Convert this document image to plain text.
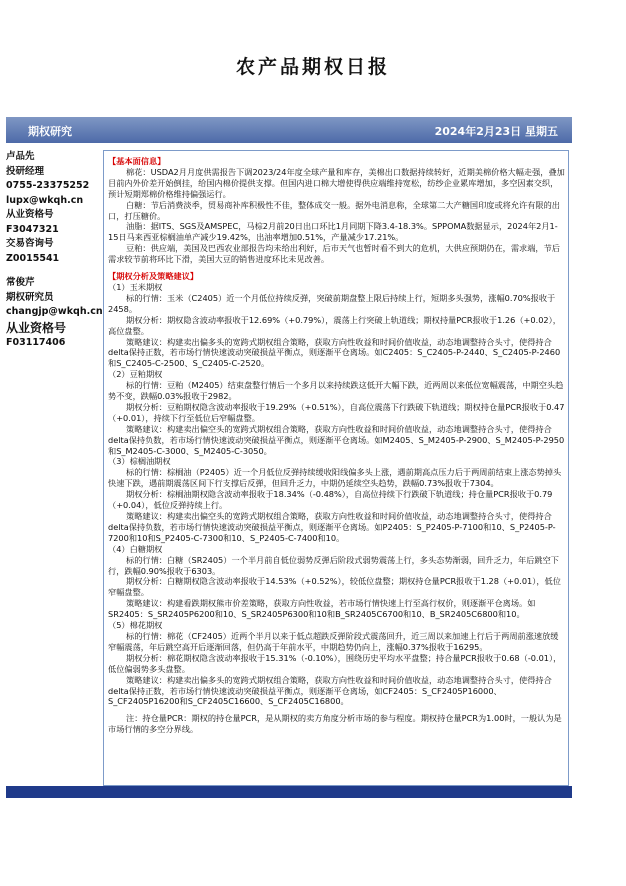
农产品期权日报
期权研究	2024年2月23日 星期五
卢品先
投研经理
0755-23375252
lupx@wkqh.cn
从业资格号
F3047321
交易咨询号
Z0015541
常俊芹
期权研究员
changjp@wkqh.cn
从业资格号
F03117406

【基本面信息】

棉花：USDA2月月度供需报告下调2023/24年度全球产量和库存，美棉出口数据持续转好，近期美棉价格大幅走强，叠加目前内外价差开始倒挂，给国内棉价提供支撑。但国内进口棉大增使得供应端维持宽松，纺纱企业累库增加，多空因素交织，预计短期郑棉价格维持偏强运行。

白糖：节后消费淡季，贸易商补库积极性不佳，整体成交一般。据外电消息称，全球第二大产糖国印度或将允许有限的出口，打压糖价。

油脂：据ITS、SGS及AMSPEC，马棕2月前20日出口环比1月同期下降3.4-18.3%。SPPOMA数据显示，2024年2月1-15日马来西亚棕榈油单产减少19.42%，出油率增加0.51%，产量减少17.21%。

豆粕：供应端，美国及巴西农业部报告均未给出利好，后市天气也暂时看不到大的危机，大供应预期仍在，需求端，节后需求较节前将环比下滑，美国大豆的销售进度环比未见改善。

【期权分析及策略建议】

（1）玉米期权

标的行情：玉米（C2405）近一个月低位持续反弹，突破前期盘整上限后持续上行，短期多头强势，涨幅0.70%报收于2458。

期权分析：期权隐含波动率报收于12.69%（+0.79%），震荡上行突破上轨道线；期权持量PCR报收于1.26（+0.02），高位盘整。

策略建议：构建卖出偏多头的宽跨式期权组合策略，获取方向性收益和时间价值收益，动态地调整持合头寸，使得持合delta保持正数，若市场行情快速波动突破损益平衡点，则逐渐平仓离场。如C2405：S_C2405-P-2440、S_C2405-P-2460和S_C2405-C-2500、S_C2405-C-2520。

（2）豆粕期权

标的行情：豆粕（M2405）结束盘整行情后一个多月以来持续跌这低开大幅下跌，近两周以来低位宽幅震荡，中期空头趋势不变，跌幅0.03%报收于2982。

期权分析：豆粕期权隐含波动率报收于19.29%（+0.51%），自高位震荡下行跌破下轨道线；期权持仓量PCR报收于0.47（+0.01），持续下行至低位后窄幅盘整。

策略建议：构建卖出偏空头的宽跨式期权组合策略，获取方向性收益和时间价值收益，动态地调整持合头寸，使得持合delta保持负数，若市场行情快速波动突破损益平衡点，则逐渐平仓离场。如M2405、S_M2405-P-2900、S_M2405-P-2950和S_M2405-C-3000、S_M2405-C-3050。

（3）棕榈油期权

标的行情：棕榈油（P2405）近一个月低位反弹持续缓收阳线偏多头上涨，遇前期高点压力后于两周前结束上涨态势掉头快速下跌，遇前期震荡区间下行支撑后反弹，但回升乏力，中期仍延续空头趋势，跌幅0.73%报收于7304。

期权分析：棕榈油期权隐含波动率报收于18.34%（-0.48%），自高位持续下行跌破下轨道线；持仓量PCR报收于0.79（+0.04），低位反弹持续上行。

策略建议：构建卖出偏空头的宽跨式期权组合策略，获取方向性收益和时间价值收益，动态地调整持合头寸，使得持合delta保持负数，若市场行情快速波动突破损益平衡点，则逐渐平仓离场。如P2405：S_P2405-P-7100和10、S_P2405-P-7200和10和S_P2405-C-7300和10、S_P2405-C-7400和10。

（4）白糖期权

标的行情：白糖（SR2405）一个半月前自低位弱势反弹后阶段式弱势震荡上行，多头态势渐弱，回升乏力，年后跳空下行，跌幅0.90%报收于6303。

期权分析：白糖期权隐含波动率报收于14.53%（+0.52%），较低位盘整；期权持仓量PCR报收于1.28（+0.01），低位窄幅盘整。

策略建议：构建看跌期权熊市价差策略，获取方向性收益，若市场行情快速上行至高行权价，则逐渐平仓离场。如SR2405：S_SR2405P6200和10、S_SR2405P6300和10和B_SR2405C6700和10、B_SR2405C6800和10。

（5）棉花期权

标的行情：棉花（CF2405）近两个半月以来于低点超跌反弹阶段式震荡回升，近三周以来加速上行后于两周前涨速放缓窄幅震荡，年后跳空高开后逐渐回落，但仍高于年前水平，中期趋势仍向上，涨幅0.37%报收于16295。

期权分析：棉花期权隐含波动率报收于15.31%（-0.10%），围绕历史平均水平盘整；持合量PCR报收于0.68（-0.01），低位偏弱势多头盘整。

策略建议：构建卖出偏多头的宽跨式期权组合策略，获取方向性收益和时间价值收益，动态地调整持合头寸，使得持合delta保持正数，若市场行情快速波动突破损益平衡点，则逐渐平仓离场，如CF2405：S_CF2405P16000、S_CF2405P16200和S_CF2405C16600、S_CF2405C16800。

注：持仓量PCR：期权的持仓量PCR，是从期权的卖方角度分析市场的参与程度。期权持仓量PCR为1.00时，一般认为是市场行情的多空分界线。
